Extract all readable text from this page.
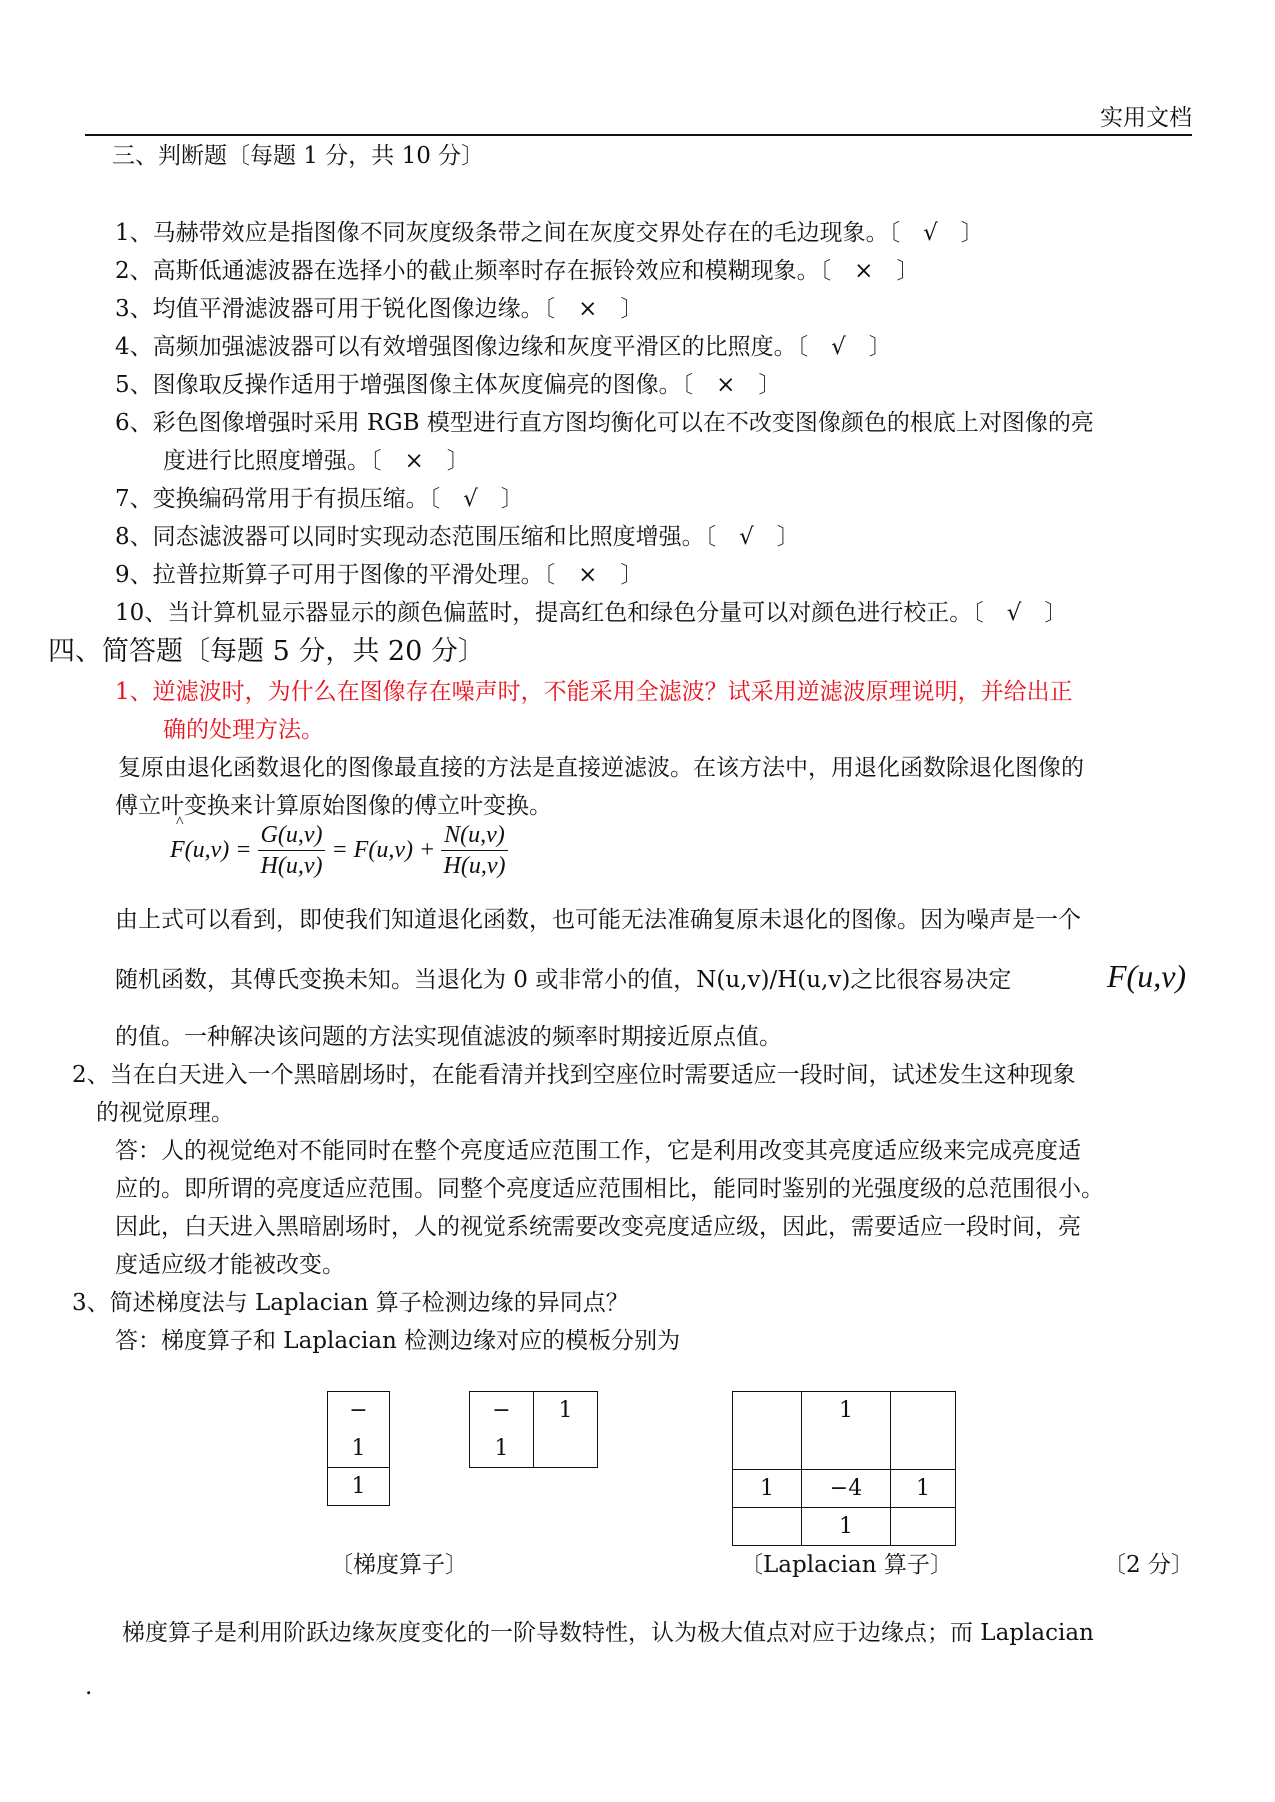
实用文档
三、判断题〔每题 1 分，共 10 分〕
1、马赫带效应是指图像不同灰度级条带之间在灰度交界处存在的毛边现象。〔　√　〕
2、高斯低通滤波器在选择小的截止频率时存在振铃效应和模糊现象。〔　×　〕
3、均值平滑滤波器可用于锐化图像边缘。〔　×　〕
4、高频加强滤波器可以有效增强图像边缘和灰度平滑区的比照度。〔　√　〕
5、图像取反操作适用于增强图像主体灰度偏亮的图像。〔　×　〕
6、彩色图像增强时采用 RGB 模型进行直方图均衡化可以在不改变图像颜色的根底上对图像的亮
度进行比照度增强。〔　×　〕
7、变换编码常用于有损压缩。〔　√　〕
8、同态滤波器可以同时实现动态范围压缩和比照度增强。〔　√　〕
9、拉普拉斯算子可用于图像的平滑处理。〔　×　〕
10、当计算机显示器显示的颜色偏蓝时，提高红色和绿色分量可以对颜色进行校正。〔　√　〕
四、简答题〔每题 5 分，共 20 分〕
1、逆滤波时，为什么在图像存在噪声时，不能采用全滤波？试采用逆滤波原理说明，并给出正
确的处理方法。
复原由退化函数退化的图像最直接的方法是直接逆滤波。在该方法中，用退化函数除退化图像的
傅立叶变换来计算原始图像的傅立叶变换。
^
$F(u,v) = \frac{G(u,v)}{H(u,v)} = F(u,v) + \frac{N(u,v)}{H(u,v)}$
由上式可以看到，即使我们知道退化函数，也可能无法准确复原未退化的图像。因为噪声是一个
随机函数，其傅氏变换未知。当退化为 0 或非常小的值，N(u,v)/H(u,v)之比很容易决定	F(u,v)
的值。一种解决该问题的方法实现值滤波的频率时期接近原点值。
2、当在白天进入一个黑暗剧场时，在能看清并找到空座位时需要适应一段时间，试述发生这种现象
的视觉原理。
答：人的视觉绝对不能同时在整个亮度适应范围工作，它是利用改变其亮度适应级来完成亮度适
应的。即所谓的亮度适应范围。同整个亮度适应范围相比，能同时鉴别的光强度级的总范围很小。
因此，白天进入黑暗剧场时，人的视觉系统需要改变亮度适应级，因此，需要适应一段时间，亮
度适应级才能被改变。
3、简述梯度法与 Laplacian 算子检测边缘的异同点？
答：梯度算子和 Laplacian 检测边缘对应的模板分别为
−
1
1
−	1
1	
	1	
1	−4	1
	1	
〔梯度算子〕	〔Laplacian 算子〕	〔2 分〕
梯度算子是利用阶跃边缘灰度变化的一阶导数特性，认为极大值点对应于边缘点；而 Laplacian
.
